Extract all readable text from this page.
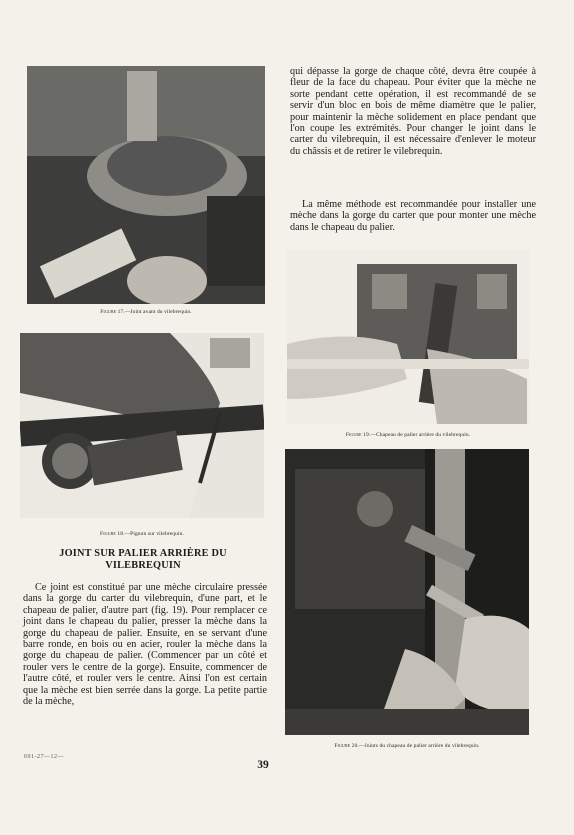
Figure 17.—Joint avant du vilebrequin.
Figure 18.—Pignon sur vilebrequin.
JOINT SUR PALIER ARRIÈRE DU VILEBREQUIN

Ce joint est constitué par une mèche circulaire pressée dans la gorge du carter du vilebrequin, d'une part, et le chapeau de palier, d'autre part (fig. 19). Pour remplacer ce joint dans le chapeau du palier, presser la mèche dans la gorge du chapeau de palier. Ensuite, en se servant d'une barre ronde, en bois ou en acier, rouler la mèche dans la gorge du chapeau de palier. (Commencer par un côté et rouler vers le centre de la gorge). Ensuite, commencer de l'autre côté, et rouler vers le centre. Ainsi l'on est certain que la mèche est bien serrée dans la gorge. La petite partie de la mèche,

qui dépasse la gorge de chaque côté, devra être coupée à fleur de la face du chapeau. Pour éviter que la mèche ne sorte pendant cette opération, il est recommandé de se servir d'un bloc en bois de même diamètre que le palier, pour maintenir la mèche solidement en place pendant que l'on coupe les extrémités. Pour changer le joint dans le carter du vilebrequin, il est nécessaire d'enlever le moteur du châssis et de retirer le vilebrequin.

La même méthode est recommandée pour installer une mèche dans la gorge du carter que pour monter une mèche dans le chapeau du palier.

Figure 19.—Chapeau de palier arrière du vilebrequin.
Figure 20.—Joints du chapeau de palier arrière du vilebrequin.
691-27—12—
39
